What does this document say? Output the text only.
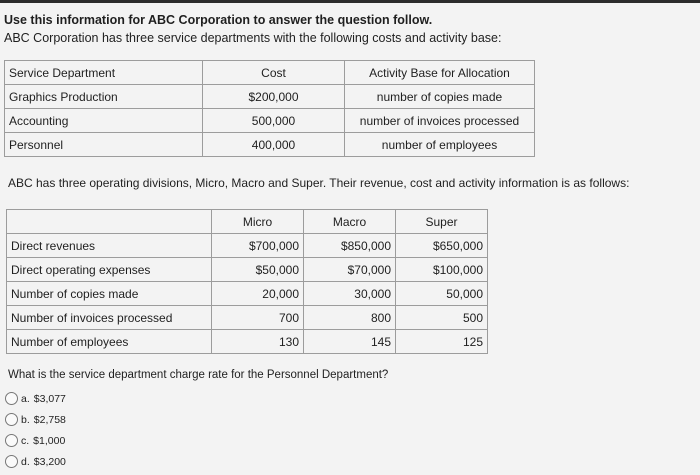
Use this information for ABC Corporation to answer the question follow.
ABC Corporation has three service departments with the following costs and activity base:
Service Department	Cost	Activity Base for Allocation
Graphics Production	$200,000	number of copies made
Accounting	500,000	number of invoices processed
Personnel	400,000	number of employees
ABC has three operating divisions, Micro, Macro and Super. Their revenue, cost and activity information is as follows:
	Micro	Macro	Super
Direct revenues	$700,000	$850,000	$650,000
Direct operating expenses	$50,000	$70,000	$100,000
Number of copies made	20,000	30,000	50,000
Number of invoices processed	700	800	500
Number of employees	130	145	125
What is the service department charge rate for the Personnel Department?
a. $3,077
b. $2,758
c. $1,000
d. $3,200
